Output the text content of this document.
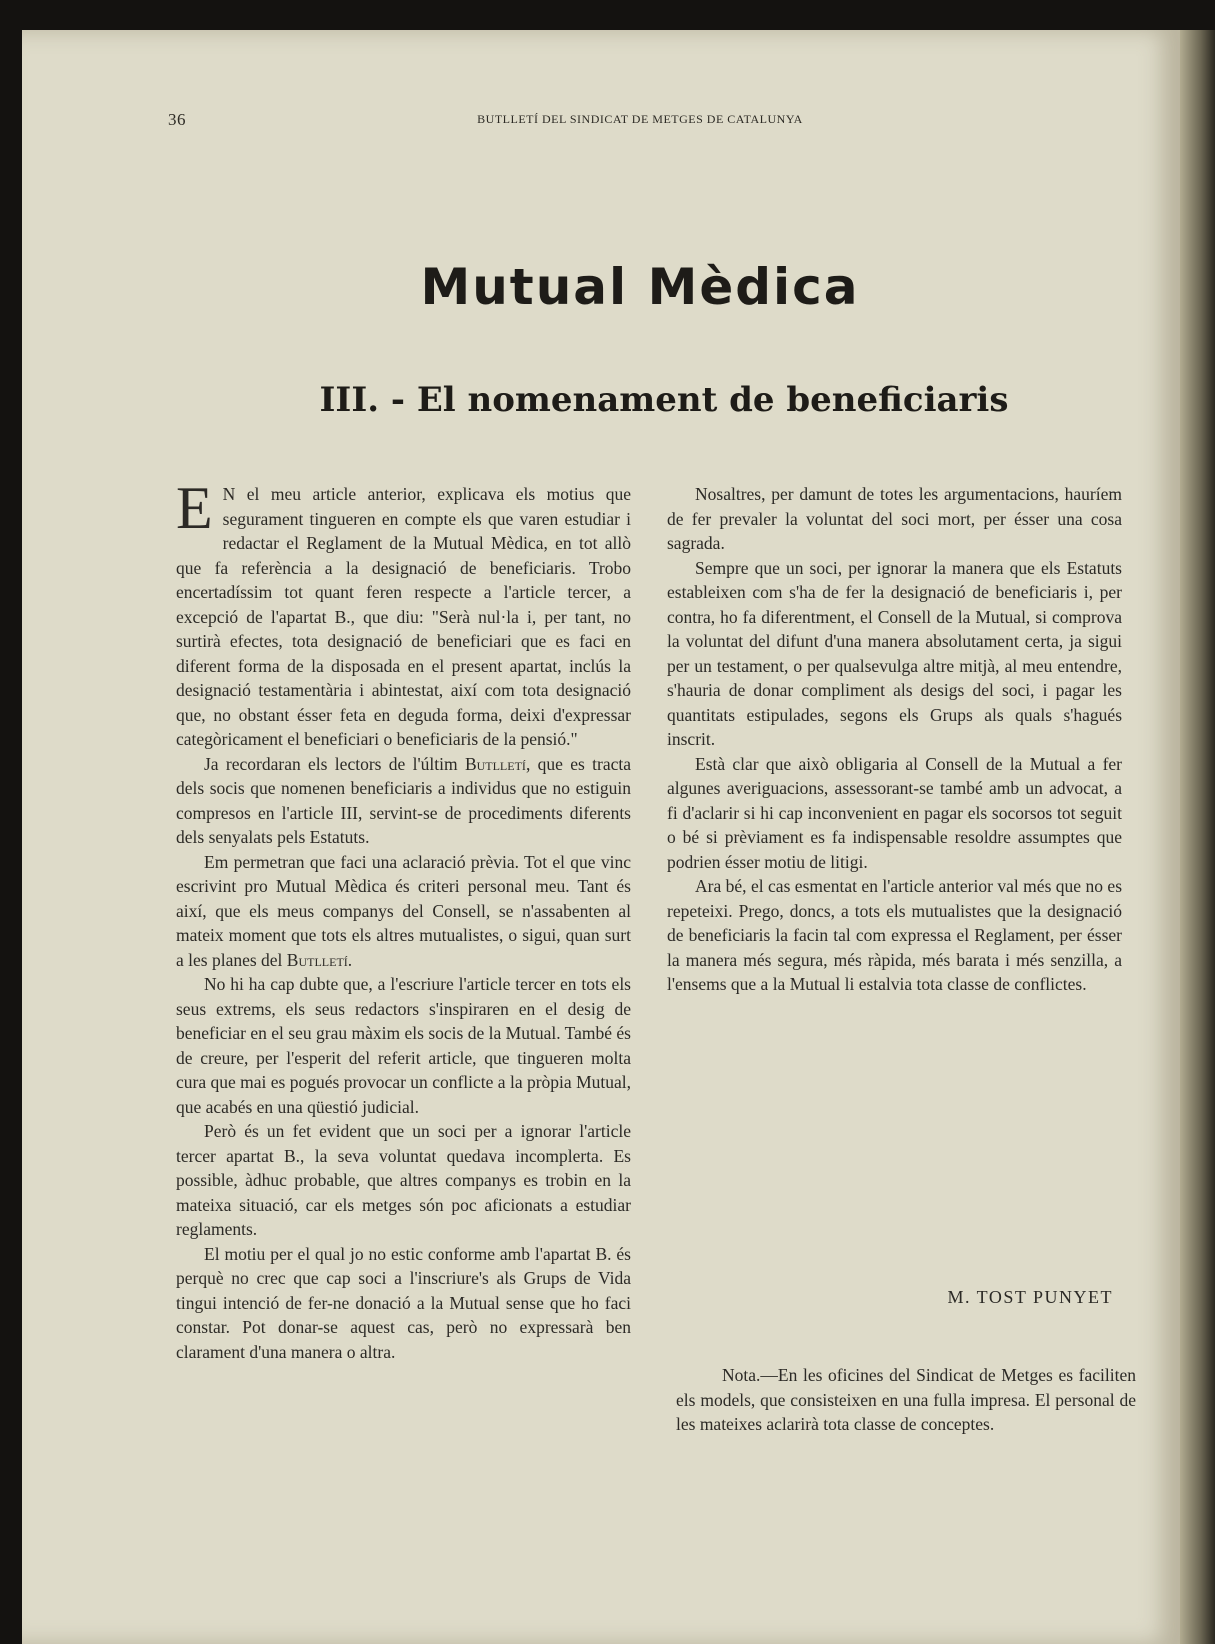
36	BUTLLETÍ DEL SINDICAT DE METGES DE CATALUNYA
Mutual Mèdica
III. - El nomenament de beneficiaris

E N el meu article anterior, explicava els motius que segurament tingueren en compte els que varen estudiar i redactar el Reglament de la Mutual Mèdica, en tot allò que fa referència a la designació de beneficiaris. Trobo encertadíssim tot quant feren respecte a l'article tercer, a excepció de l'apartat B., que diu: "Serà nul·la i, per tant, no surtirà efectes, tota designació de beneficiari que es faci en diferent forma de la disposada en el present apartat, inclús la designació testamentària i abintestat, així com tota designació que, no obstant ésser feta en deguda forma, deixi d'expressar categòricament el beneficiari o beneficiaris de la pensió."

Ja recordaran els lectors de l'últim Butlletí, que es tracta dels socis que nomenen beneficiaris a individus que no estiguin compresos en l'article III, servint-se de procediments diferents dels senyalats pels Estatuts.

Em permetran que faci una aclaració prèvia. Tot el que vinc escrivint pro Mutual Mèdica és criteri personal meu. Tant és així, que els meus companys del Consell, se n'assabenten al mateix moment que tots els altres mutualistes, o sigui, quan surt a les planes del Butlletí.

No hi ha cap dubte que, a l'escriure l'article tercer en tots els seus extrems, els seus redactors s'inspiraren en el desig de beneficiar en el seu grau màxim els socis de la Mutual. També és de creure, per l'esperit del referit article, que tingueren molta cura que mai es pogués provocar un conflicte a la pròpia Mutual, que acabés en una qüestió judicial.

Però és un fet evident que un soci per a ignorar l'article tercer apartat B., la seva voluntat quedava incomplerta. Es possible, àdhuc probable, que altres companys es trobin en la mateixa situació, car els metges són poc aficionats a estudiar reglaments.

El motiu per el qual jo no estic conforme amb l'apartat B. és perquè no crec que cap soci a l'inscriure's als Grups de Vida tingui intenció de fer-ne donació a la Mutual sense que ho faci constar. Pot donar-se aquest cas, però no expressarà ben clarament d'una manera o altra.

Nosaltres, per damunt de totes les argumentacions, hauríem de fer prevaler la voluntat del soci mort, per ésser una cosa sagrada.

Sempre que un soci, per ignorar la manera que els Estatuts estableixen com s'ha de fer la designació de beneficiaris i, per contra, ho fa diferentment, el Consell de la Mutual, si comprova la voluntat del difunt d'una manera absolutament certa, ja sigui per un testament, o per qualsevulga altre mitjà, al meu entendre, s'hauria de donar compliment als desigs del soci, i pagar les quantitats estipulades, segons els Grups als quals s'hagués inscrit.

Està clar que això obligaria al Consell de la Mutual a fer algunes averiguacions, assessorant-se també amb un advocat, a fi d'aclarir si hi cap inconvenient en pagar els socorsos tot seguit o bé si prèviament es fa indispensable resoldre assumptes que podrien ésser motiu de litigi.

Ara bé, el cas esmentat en l'article anterior val més que no es repeteixi. Prego, doncs, a tots els mutualistes que la designació de beneficiaris la facin tal com expressa el Reglament, per ésser la manera més segura, més ràpida, més barata i més senzilla, a l'ensems que a la Mutual li estalvia tota classe de conflictes.

M. TOST PUNYET

Nota.—En les oficines del Sindicat de Metges es faciliten els models, que consisteixen en una fulla impresa. El personal de les mateixes aclarirà tota classe de conceptes.
